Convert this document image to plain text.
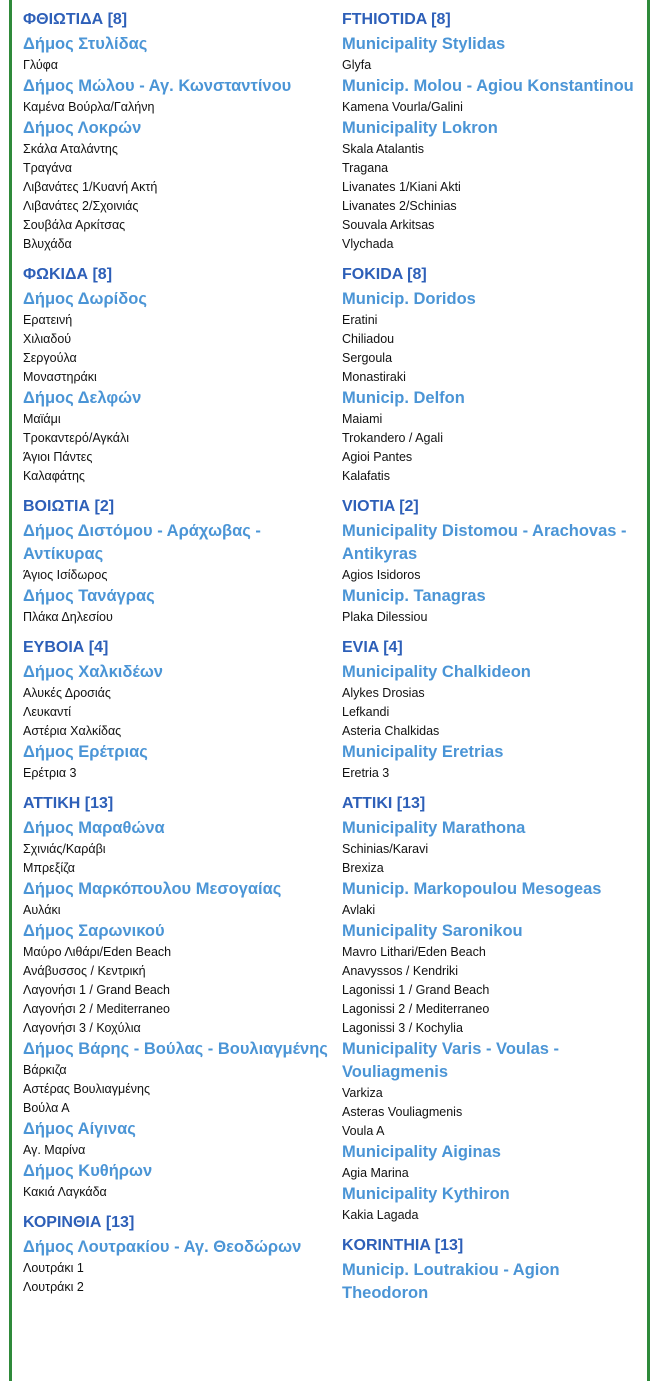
ΦΘΙΩΤΙΔΑ [8]
Δήμος Στυλίδας
Γλύφα
Δήμος Μώλου - Αγ. Κωνσταντίνου
Καμένα Βούρλα/Γαλήνη
Δήμος Λοκρών
Σκάλα Αταλάντης
Τραγάνα
Λιβανάτες 1/Κυανή Ακτή
Λιβανάτες 2/Σχοινιάς
Σουβάλα Αρκίτσας
Βλυχάδα
ΦΩΚΙΔΑ [8]
Δήμος Δωρίδος
Ερατεινή
Χιλιαδού
Σεργούλα
Μοναστηράκι
Δήμος Δελφών
Μαϊάμι
Τροκαντερό/Αγκάλι
Άγιοι Πάντες
Καλαφάτης
ΒΟΙΩΤΙΑ [2]
Δήμος Διστόμου - Αράχωβας - Αντίκυρας
Άγιος Ισίδωρος
Δήμος Τανάγρας
Πλάκα Δηλεσίου
ΕΥΒΟΙΑ [4]
Δήμος Χαλκιδέων
Αλυκές Δροσιάς
Λευκαντί
Αστέρια Χαλκίδας
Δήμος Ερέτριας
Ερέτρια 3
ΑΤΤΙΚΗ [13]
Δήμος Μαραθώνα
Σχινιάς/Καράβι
Μπρεξίζα
Δήμος Μαρκόπουλου Μεσογαίας
Αυλάκι
Δήμος Σαρωνικού
Μαύρο Λιθάρι/Eden Beach
Ανάβυσσος / Κεντρική
Λαγονήσι 1 / Grand Beach
Λαγονήσι 2 / Mediterraneo
Λαγονήσι 3 / Κοχύλια
Δήμος Βάρης - Βούλας - Βουλιαγμένης
Βάρκιζα
Αστέρας Βουλιαγμένης
Βούλα Α
Δήμος Αίγινας
Αγ. Μαρίνα
Δήμος Κυθήρων
Κακιά Λαγκάδα
ΚΟΡΙΝΘΙΑ [13]
Δήμος Λουτρακίου - Αγ. Θεοδώρων
Λουτράκι 1
Λουτράκι 2
FTHIOTIDA [8]
Municipality Stylidas
Glyfa
Municip. Molou - Agiou Konstantinou
Kamena Vourla/Galini
Municipality Lokron
Skala Atalantis
Tragana
Livanates 1/Kiani Akti
Livanates 2/Schinias
Souvala Arkitsas
Vlychada
FOKIDA [8]
Municip. Doridos
Eratini
Chiliadou
Sergoula
Monastiraki
Municip. Delfon
Maiami
Trokandero / Agali
Agioi Pantes
Kalafatis
VIOTIA [2]
Municipality Distomou - Arachovas - Antikyras
Agios Isidoros
Municip. Tanagras
Plaka Dilessiou
EVIA [4]
Municipality Chalkideon
Alykes Drosias
Lefkandi
Asteria Chalkidas
Municipality Eretrias
Eretria 3
ATTIKI [13]
Municipality Marathona
Schinias/Karavi
Brexiza
Municip. Markopoulou Mesogeas
Avlaki
Municipality Saronikou
Mavro Lithari/Eden Beach
Anavyssos / Kendriki
Lagonissi 1 / Grand Beach
Lagonissi 2 / Mediterraneo
Lagonissi 3 / Kochylia
Municipality Varis - Voulas - Vouliagmenis
Varkiza
Asteras Vouliagmenis
Voula A
Municipality Aiginas
Agia Marina
Municipality Kythiron
Kakia Lagada
KORINTHIA [13]
Municip. Loutrakiou - Agion Theodoron
